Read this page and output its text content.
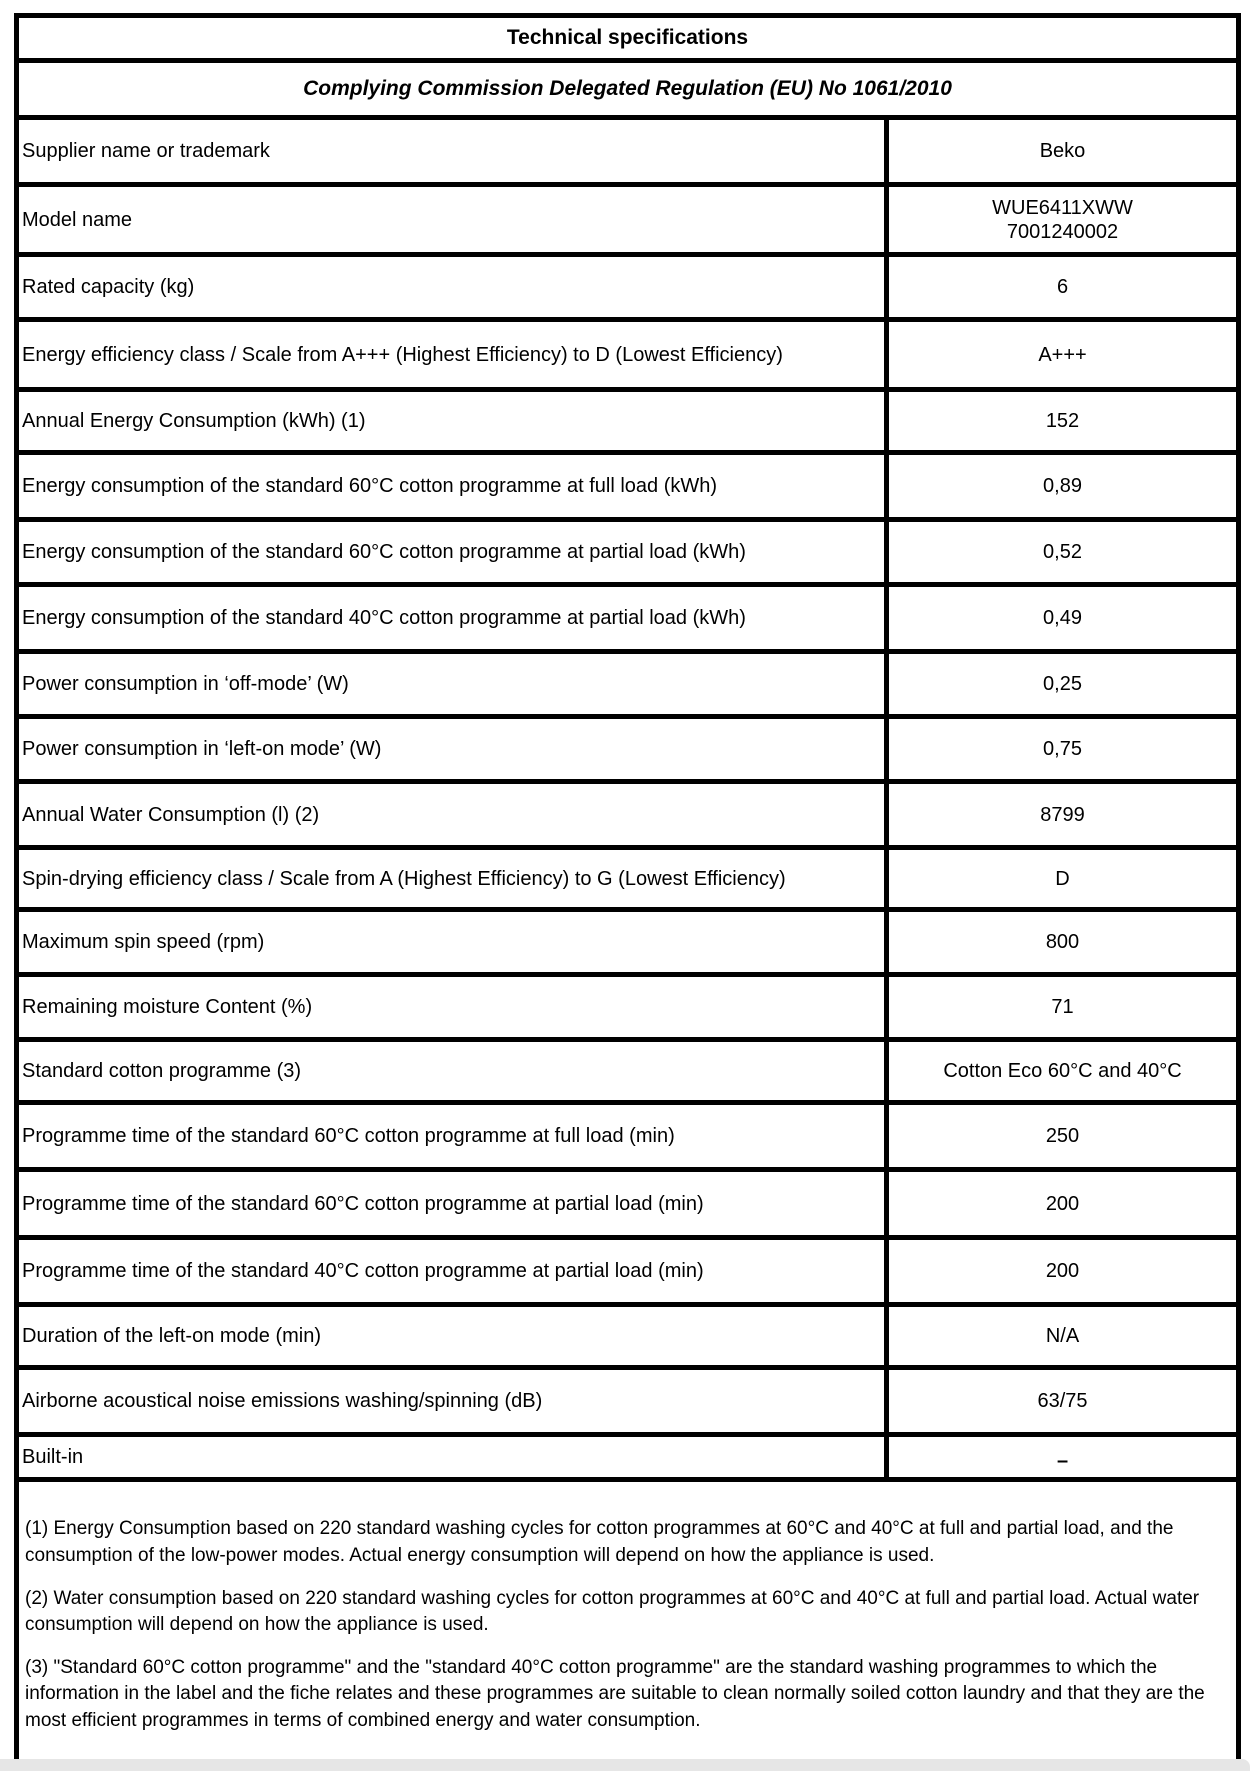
Technical specifications	
Complying Commission Delegated Regulation (EU) No 1061/2010	
Supplier name or trademark	Beko
Model name	WUE6411XWW
7001240002

Rated capacity (kg)	6
Energy efficiency class / Scale from A+++ (Highest Efficiency) to D (Lowest Efficiency)	A+++
Annual Energy Consumption (kWh) (1)	152
Energy consumption of the standard 60°C cotton programme at full load (kWh)	0,89
Energy consumption of the standard 60°C cotton programme at partial load (kWh)	0,52
Energy consumption of the standard 40°C cotton programme at partial load (kWh)	0,49
Power consumption in ‘off-mode’ (W)	0,25
Power consumption in ‘left-on mode’ (W)	0,75
Annual Water Consumption (l) (2)	8799
Spin-drying efficiency class / Scale from A (Highest Efficiency) to G (Lowest Efficiency)	D
Maximum spin speed (rpm)	800
Remaining moisture Content (%)	71
Standard cotton programme (3)	Cotton Eco 60°C and 40°C
Programme time of the standard 60°C cotton programme at full load (min)	250
Programme time of the standard 60°C cotton programme at partial load (min)	200
Programme time of the standard 40°C cotton programme at partial load (min)	200
Duration of the left-on mode (min)	N/A
Airborne acoustical noise emissions washing/spinning (dB)	63/75
Built-in	–

(1) Energy Consumption based on 220 standard washing cycles for cotton programmes at 60°C and 40°C at full and partial load, and the consumption of the low-power modes. Actual energy consumption will depend on how the appliance is used.

(2) Water consumption based on 220 standard washing cycles for cotton programmes at 60°C and 40°C at full and partial load. Actual water consumption will depend on how the appliance is used.

(3) "Standard 60°C cotton programme" and the "standard 40°C cotton programme" are the standard washing programmes to which the information in the label and the fiche relates and these programmes are suitable to clean normally soiled cotton laundry and that they are the most efficient programmes in terms of combined energy and water consumption.	
